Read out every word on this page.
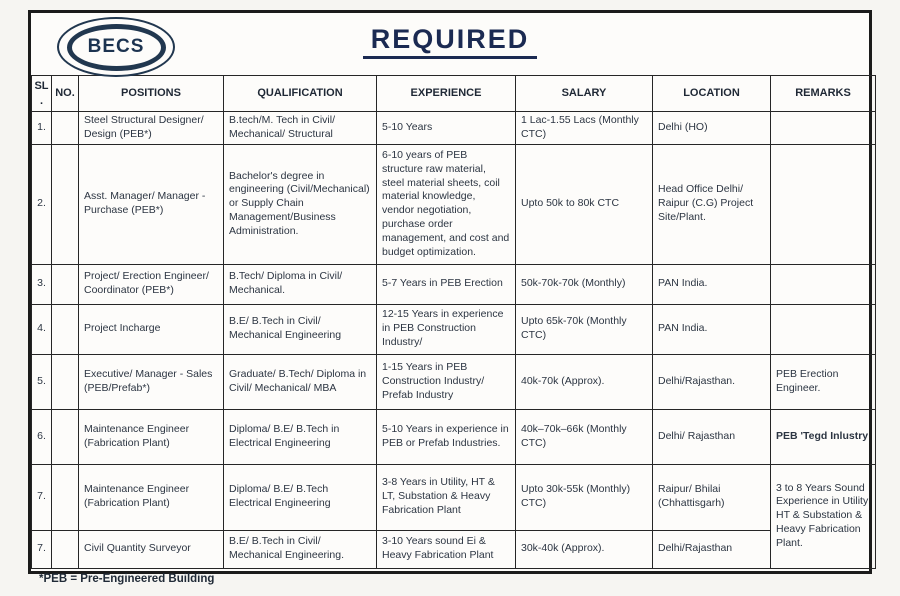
BECS	REQUIRED
SL.	NO.	POSITIONS	QUALIFICATION	EXPERIENCE	SALARY	LOCATION	REMARKS
1.		Steel Structural Designer/ Design (PEB*)	B.tech/M. Tech in Civil/ Mechanical/ Structural	5-10 Years	1 Lac-1.55 Lacs (Monthly CTC)	Delhi (HO)	
2.		Asst. Manager/ Manager - Purchase (PEB*)	Bachelor's degree in engineering (Civil/Mechanical) or Supply Chain Management/Business Administration.	6-10 years of PEB structure raw material, steel material sheets, coil material knowledge, vendor negotiation, purchase order management, and cost and budget optimization.	Upto 50k to 80k CTC	Head Office Delhi/ Raipur (C.G) Project Site/Plant.	
3.		Project/ Erection Engineer/ Coordinator (PEB*)	B.Tech/ Diploma in Civil/ Mechanical.	5-7 Years in PEB Erection	50k-70k-70k (Monthly)	PAN India.	
4.		Project Incharge	B.E/ B.Tech in Civil/ Mechanical Engineering	12-15 Years in experience in PEB Construction Industry/	Upto 65k-70k (Monthly CTC)	PAN India.	
5.		Executive/ Manager - Sales (PEB/Prefab*)	Graduate/ B.Tech/ Diploma in Civil/ Mechanical/ MBA	1-15 Years in PEB Construction Industry/ Prefab Industry	40k-70k (Approx).	Delhi/Rajasthan.	PEB Erection Engineer.
6.		Maintenance Engineer (Fabrication Plant)	Diploma/ B.E/ B.Tech in Electrical Engineering	5-10 Years in experience in PEB or Prefab Industries.	40k–70k–66k (Monthly CTC)	Delhi/ Rajasthan	PEB 'Tegd Inlustry
7.		Maintenance Engineer (Fabrication Plant)	Diploma/ B.E/ B.Tech Electrical Engineering	3-8 Years in Utility, HT & LT, Substation & Heavy Fabrication Plant	Upto 30k-55k (Monthly) CTC)	Raipur/ Bhilai (Chhattisgarh)	3 to 8 Years Sound Experience in Utility HT & Substation & Heavy Fabrication Plant.
7.		Civil Quantity Surveyor	B.E/ B.Tech in Civil/ Mechanical Engineering.	3-10 Years sound Ei & Heavy Fabrication Plant	30k-40k (Approx).	Delhi/Rajasthan	
*PEB = Pre-Engineered Building
